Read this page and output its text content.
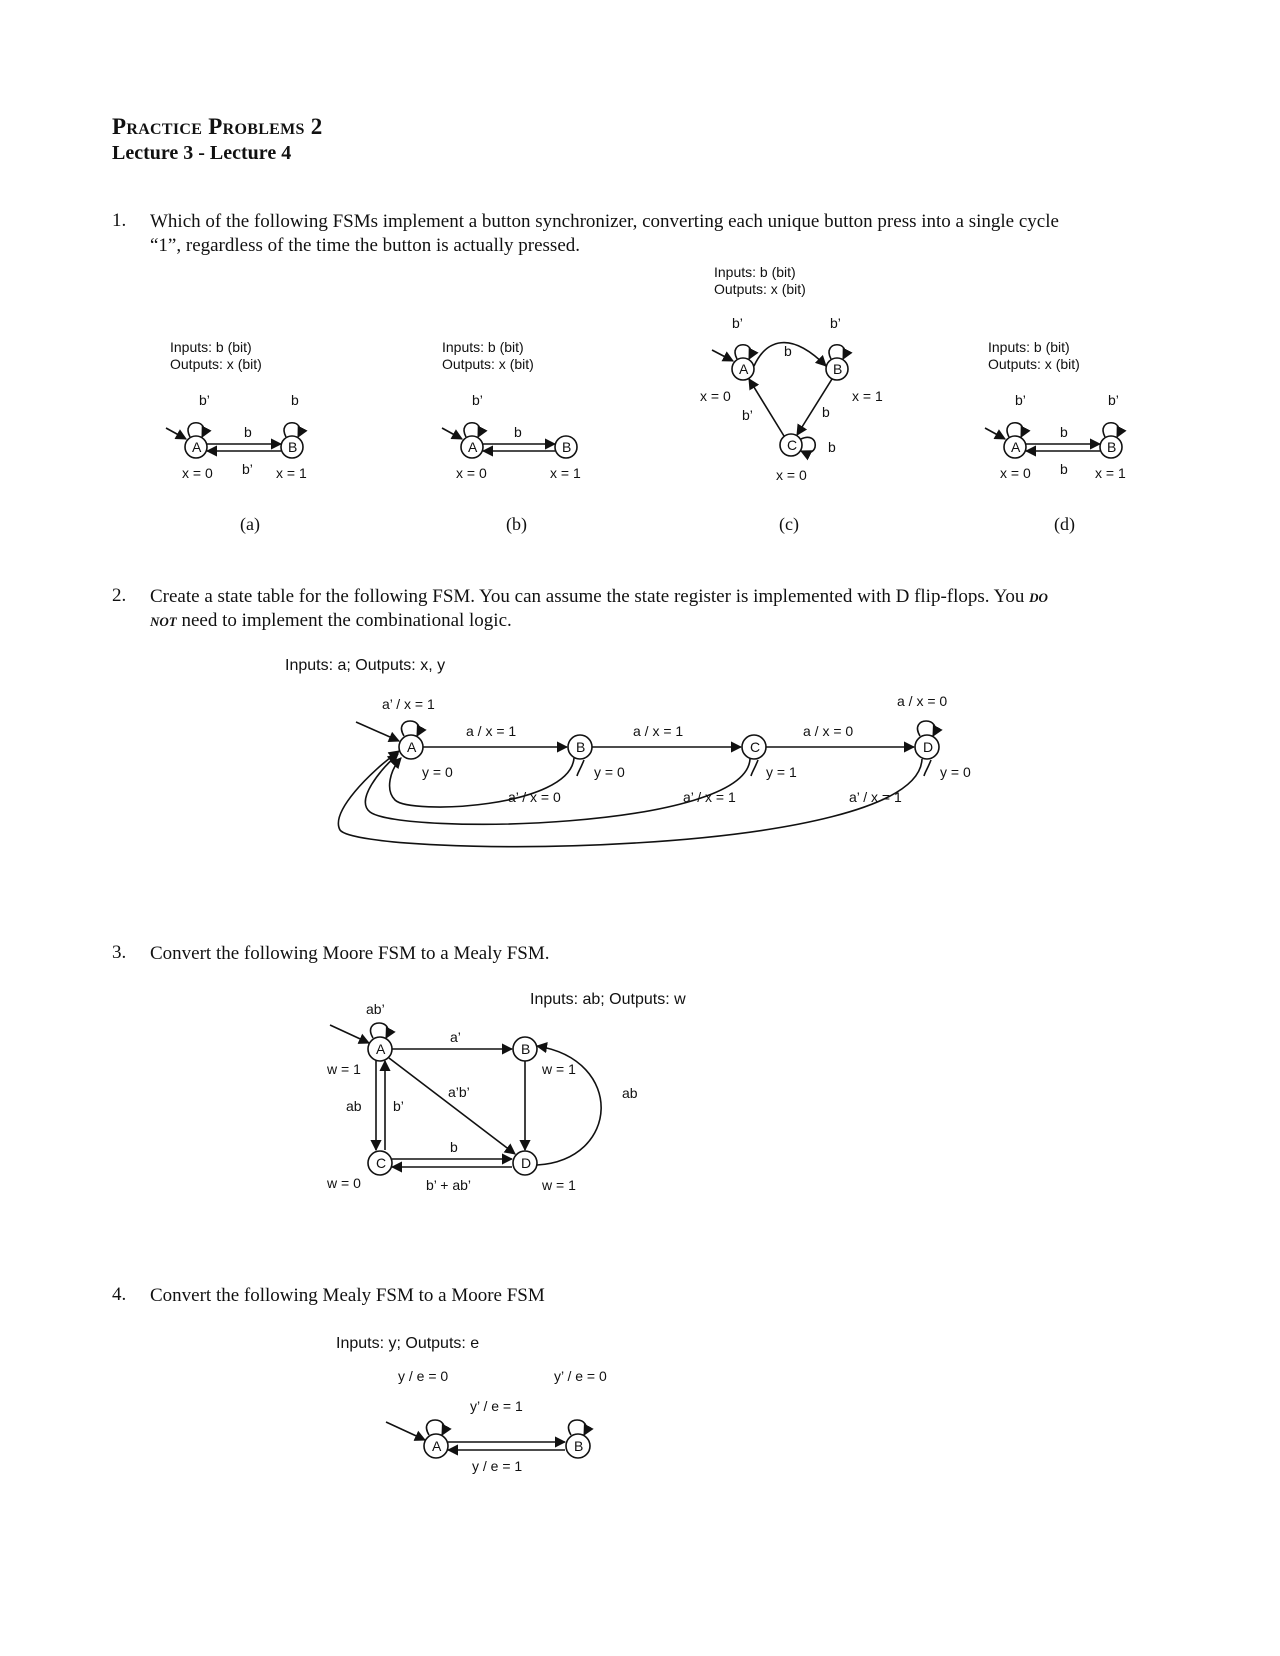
Practice Problems 2
Lecture 3 - Lecture 4
1. Which of the following FSMs implement a button synchronizer, converting each unique button press into a single cycle
“1”, regardless of the time the button is actually pressed.
2. Create a state table for the following FSM. You can assume the state register is implemented with D flip-flops. You do
not need to implement the combinational logic.
3. Convert the following Moore FSM to a Mealy FSM.
4. Convert the following Mealy FSM to a Moore FSM
(a)	(b)	(c)	(d)
Inputs: b (bit)
Outputs: x (bit)
Inputs: b (bit)
Outputs: x (bit)
Inputs: b (bit)
Outputs: x (bit)
Inputs: b (bit)
Outputs: x (bit)
b’	b
b
b’
x = 0	x = 1
A	B
b’
b
x = 0	x = 1
A	B
b’
b
b’
b
b’
b
x = 0	x = 1
x = 0
A	B
C
b’	b’
b
b
x = 0	x = 1
A	B
Inputs: a; Outputs: x, y
a’ / x = 1
a / x = 1	a / x = 1	a / x = 0
a / x = 0
a’ / x = 0	a’ / x = 1	a’ / x = 1
y = 0	y = 0	y = 1	y = 0
A	B	C	D
Inputs: ab; Outputs: w
ab’
a’
a’b’
ab b’
b
b’ + ab’
ab
w = 1	w = 1
w = 0	w = 1
A	B
C	D
Inputs: y; Outputs: e
y / e = 0	y’ / e = 0
y’ / e = 1
y / e = 1
A	B
